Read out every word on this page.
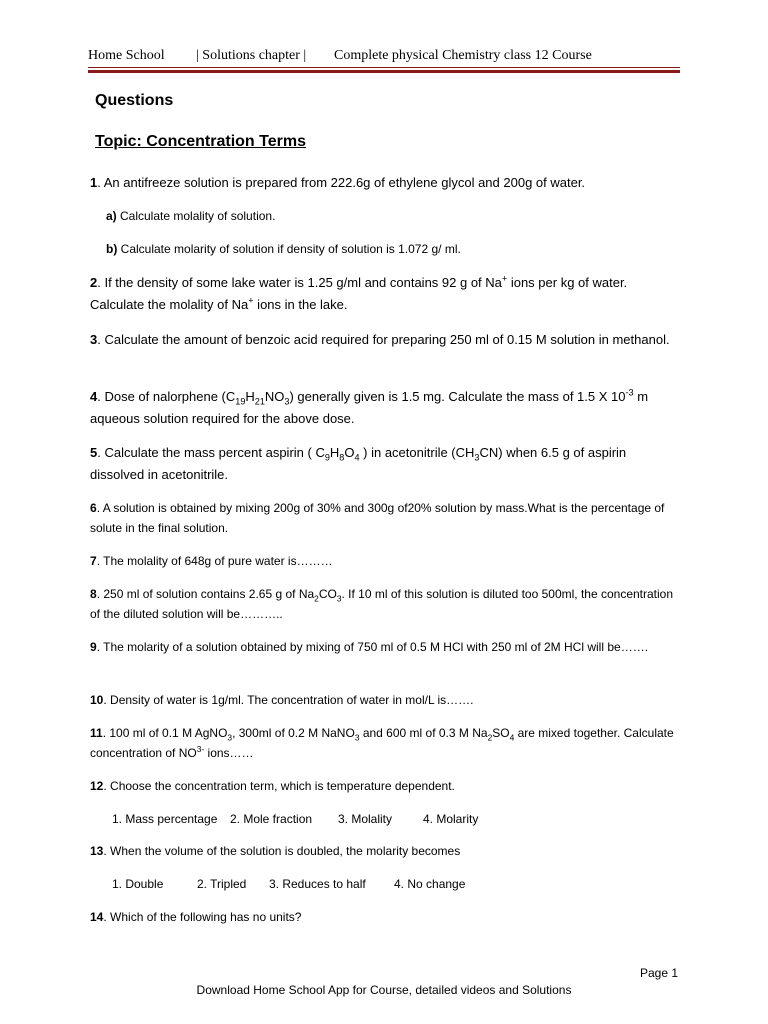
Home School | Solutions chapter | Complete physical Chemistry class 12 Course
Questions
Topic: Concentration Terms

1. An antifreeze solution is prepared from 222.6g of ethylene glycol and 200g of water.

a) Calculate molality of solution.
b) Calculate molarity of solution if density of solution is 1.072 g/ ml.

2. If the density of some lake water is 1.25 g/ml and contains 92 g of Na+ ions per kg of water. Calculate the molality of Na+ ions in the lake.

3. Calculate the amount of benzoic acid required for preparing 250 ml of 0.15 M solution in methanol.

4. Dose of nalorphene $(C_{19}H_{21}NO_3)$ generally given is 1.5 mg. Calculate the mass of 1.5 X $10^{-3}$ m aqueous solution required for the above dose.

5. Calculate the mass percent aspirin ( $C_9H_8O_4$ ) in acetonitrile $(CH_3CN)$ when 6.5 g of aspirin dissolved in acetonitrile.

6. A solution is obtained by mixing 200g of 30% and 300g of20% solution by mass.What is the percentage of solute in the final solution.

7. The molality of 648g of pure water is………

8. 250 ml of solution contains 2.65 g of $Na_2CO_3$. If 10 ml of this solution is diluted too 500ml, the concentration of the diluted solution will be………..

9. The molarity of a solution obtained by mixing of 750 ml of 0.5 M HCl with 250 ml of 2M HCl will be…….

10. Density of water is 1g/ml. The concentration of water in mol/L is…….

11. 100 ml of 0.1 M AgNO$_3$, 300ml of 0.2 M NaNO$_3$ and 600 ml of 0.3 M $Na_2SO_4$ are mixed together. Calculate concentration of $NO^{3-}$ ions……

12. Choose the concentration term, which is temperature dependent.

1. Mass percentage 2. Mole fraction 3. Molality	4. Molarity

13. When the volume of the solution is doubled, the molarity becomes

1. Double	2. Tripled 3. Reduces to half 4. No change

14. Which of the following has no units?

Page 1
Download Home School App for Course, detailed videos and Solutions
